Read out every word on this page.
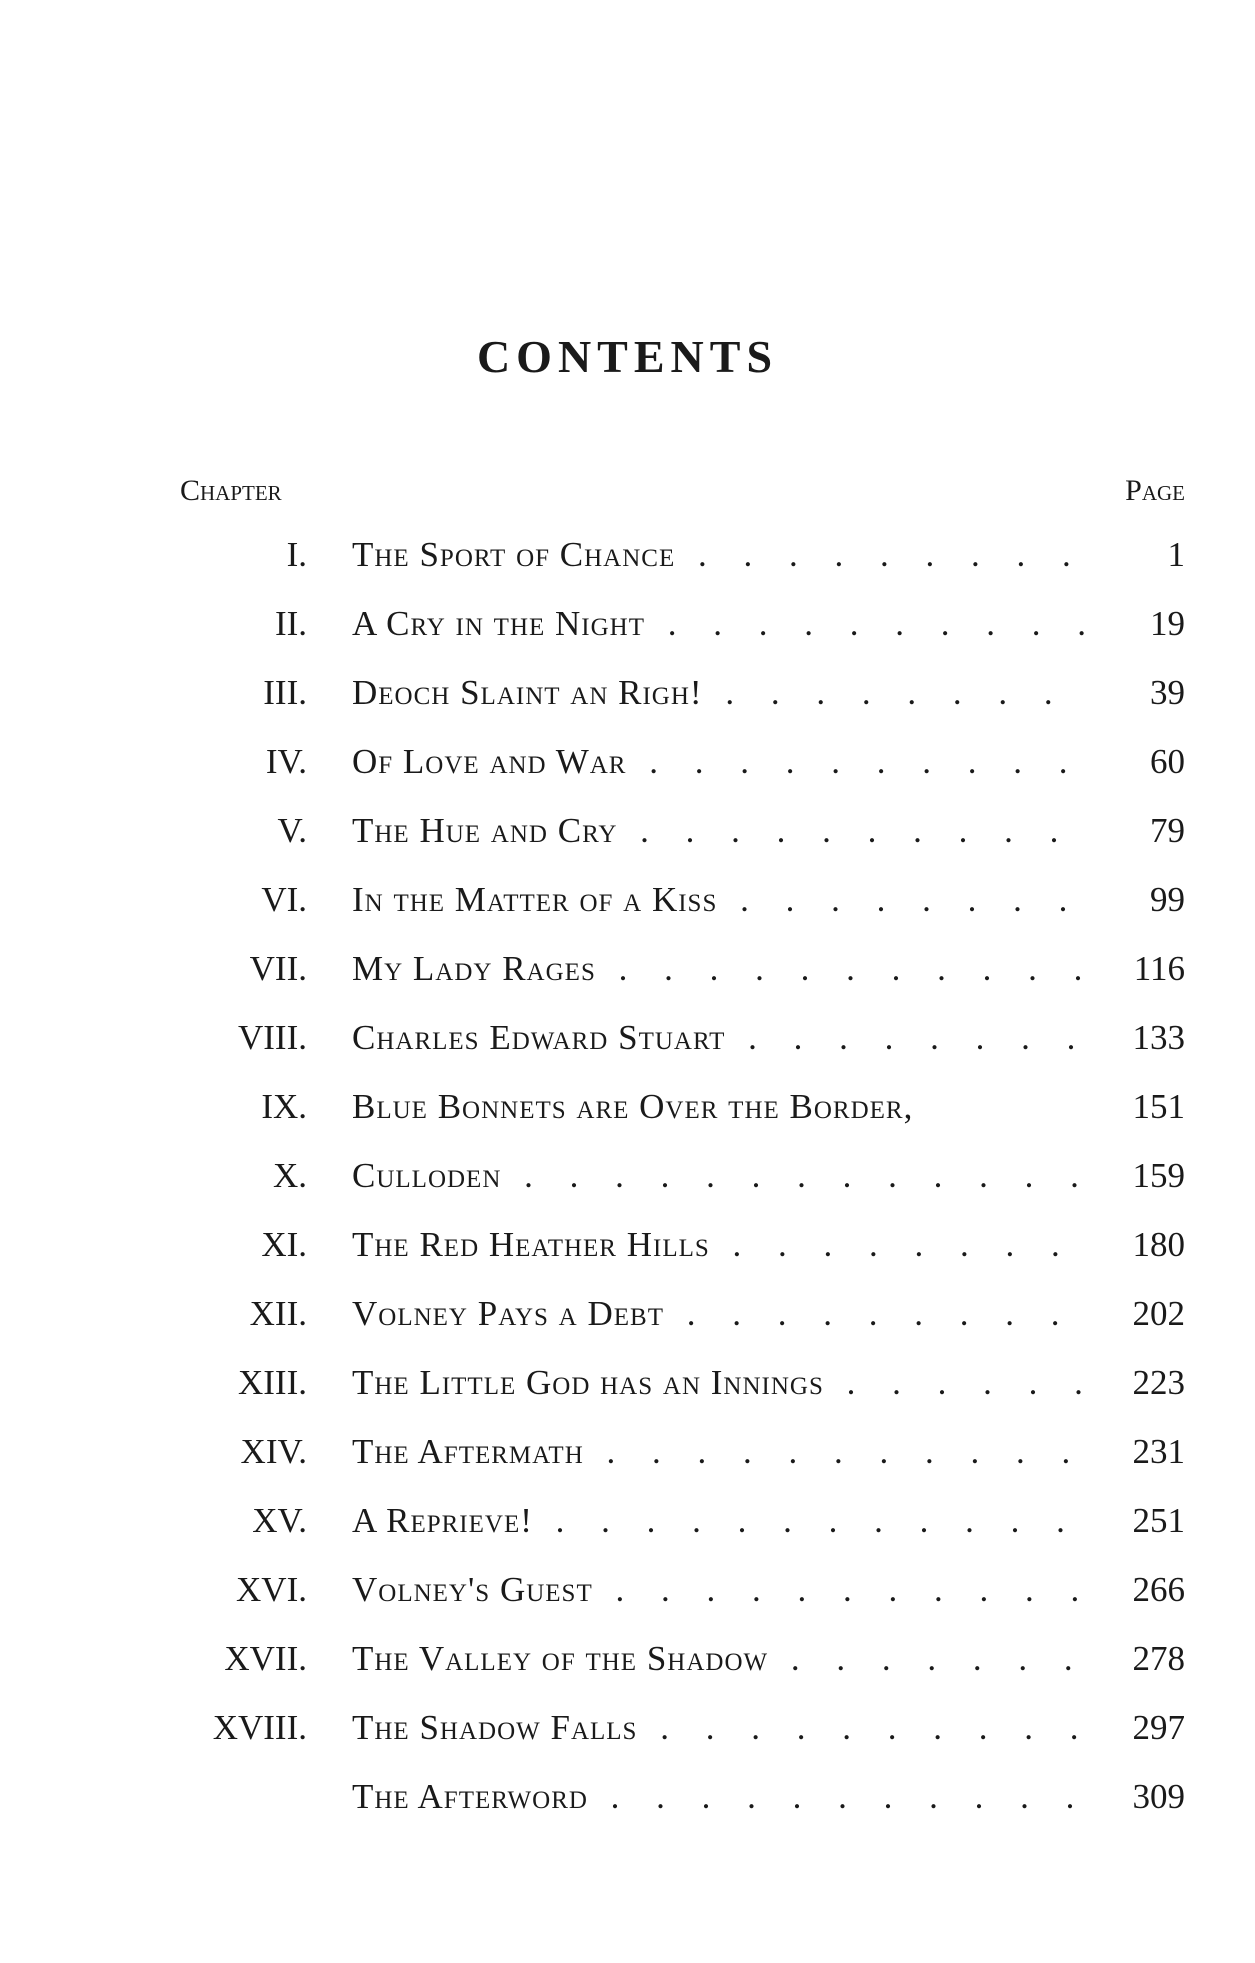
CONTENTS
Chapter	Page
I. The Sport of Chance . . .	1
II. A Cry in the Night . . .	19
III. Deoch Slaint an Righ! . . .	39
IV. Of Love and War . . .	60
V. The Hue and Cry . . .	79
VI. In the Matter of a Kiss . . .	99
VII. My Lady Rages . . .	116
VIII. Charles Edward Stuart . . .	133
IX. Blue Bonnets are Over the Border,	151
X. Culloden . . .	159
XI. The Red Heather Hills . . .	180
XII. Volney Pays a Debt . . .	202
XIII. The Little God has an Innings . . .	223
XIV. The Aftermath . . .	231
XV. A Reprieve! . . .	251
XVI. Volney's Guest . . .	266
XVII. The Valley of the Shadow . . .	278
XVIII. The Shadow Falls . . .	297
The Afterword . . .	309
